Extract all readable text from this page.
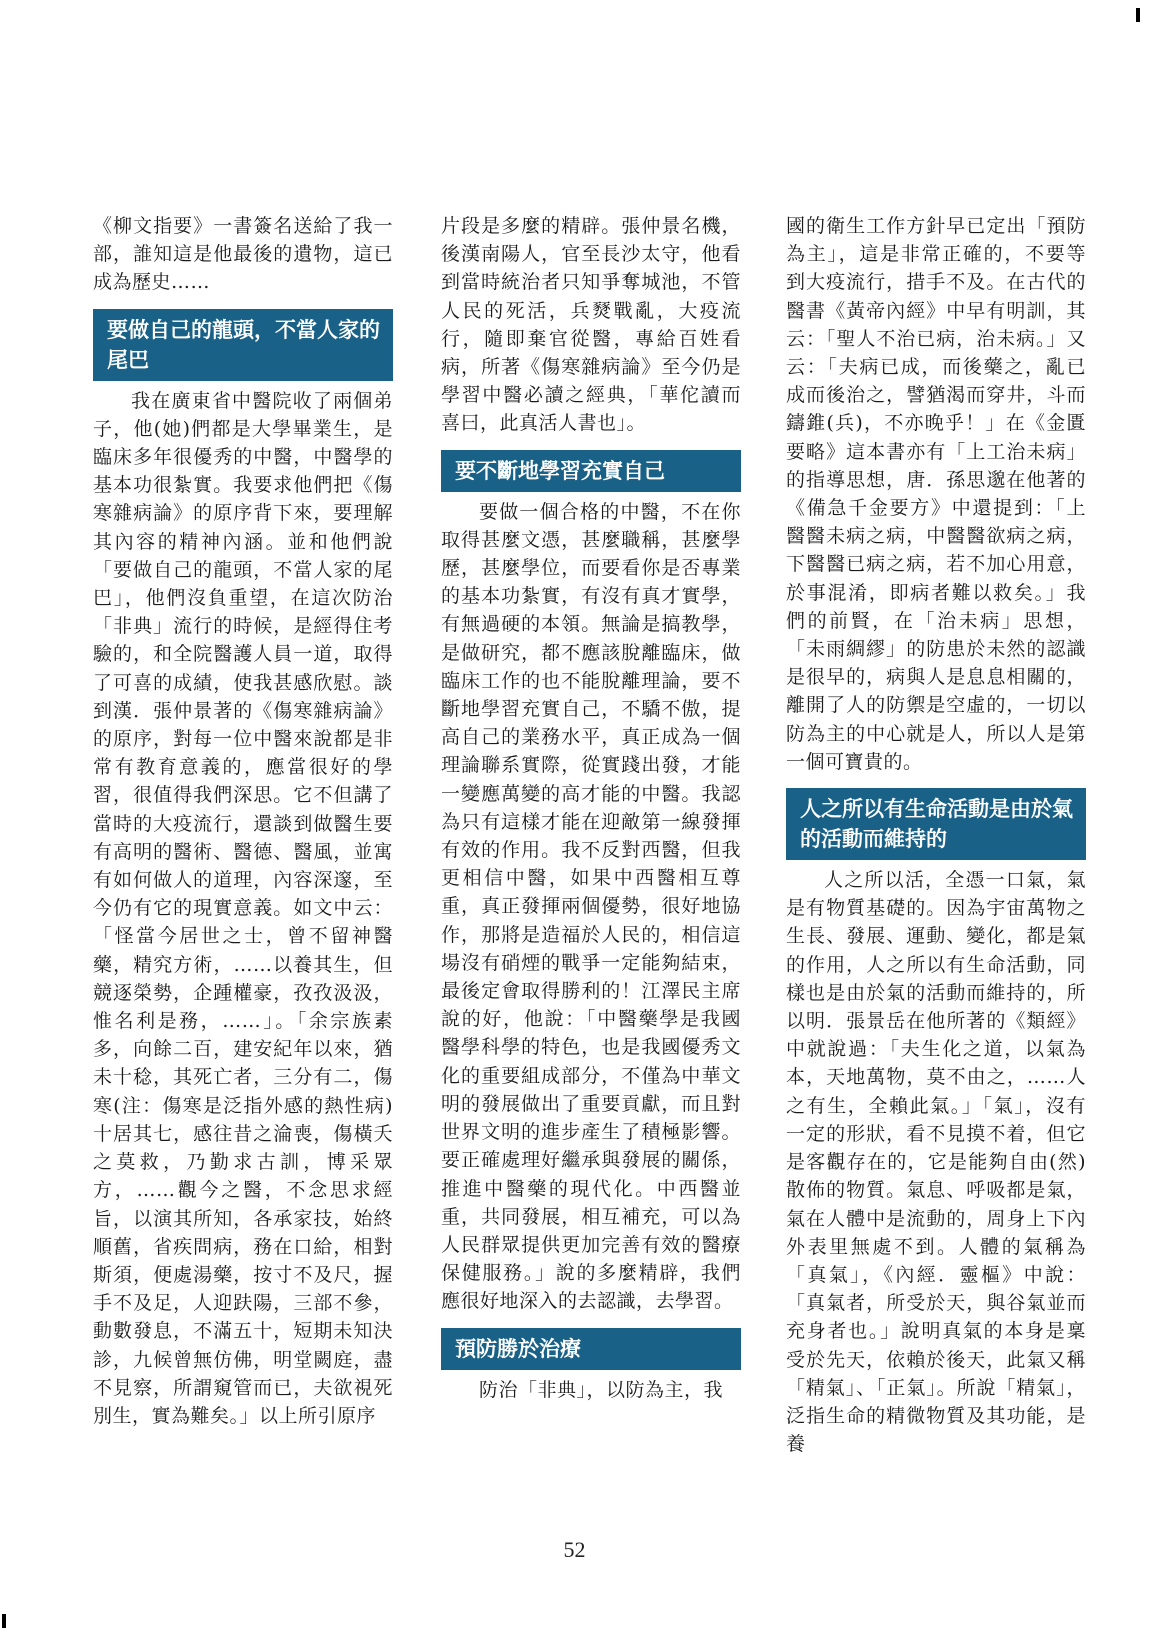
《柳文指要》一書簽名送給了我一部，誰知這是他最後的遺物，這已成為歷史……

要做自己的龍頭，不當人家的尾巴

我在廣東省中醫院收了兩個弟子，他(她)們都是大學畢業生，是臨床多年很優秀的中醫，中醫學的基本功很紮實。我要求他們把《傷寒雜病論》的原序背下來，要理解其內容的精神內涵。並和他們說「要做自己的龍頭，不當人家的尾巴」，他們沒負重望，在這次防治「非典」流行的時候，是經得住考驗的，和全院醫護人員一道，取得了可喜的成績，使我甚感欣慰。談到漢．張仲景著的《傷寒雜病論》的原序，對每一位中醫來說都是非常有教育意義的，應當很好的學習，很值得我們深思。它不但講了當時的大疫流行，還談到做醫生要有高明的醫術、醫德、醫風，並寓有如何做人的道理，內容深邃，至今仍有它的現實意義。如文中云：「怪當今居世之士，曾不留神醫藥，精究方術，……以養其生，但競逐榮勢，企踵權豪，孜孜汲汲，惟名利是務，……」。「余宗族素多，向餘二百，建安紀年以來，猶未十稔，其死亡者，三分有二，傷寒(注：傷寒是泛指外感的熱性病)十居其七，感往昔之淪喪，傷橫夭之莫救，乃勤求古訓，博采眾方，……觀今之醫，不念思求經旨，以演其所知，各承家技，始終順舊，省疾問病，務在口給，相對斯須，便處湯藥，按寸不及尺，握手不及足，人迎趺陽，三部不參，動數發息，不滿五十，短期未知決診，九候曾無仿佛，明堂闕庭，盡不見察，所謂窺管而已，夫欲視死別生，實為難矣。」以上所引原序

片段是多麼的精辟。張仲景名機，後漢南陽人，官至長沙太守，他看到當時統治者只知爭奪城池，不管人民的死活，兵燹戰亂，大疫流行，隨即棄官從醫，專給百姓看病，所著《傷寒雜病論》至今仍是學習中醫必讀之經典，「華佗讀而喜曰，此真活人書也」。

要不斷地學習充實自己

要做一個合格的中醫，不在你取得甚麼文憑，甚麼職稱，甚麼學歷，甚麼學位，而要看你是否專業的基本功紮實，有沒有真才實學，有無過硬的本領。無論是搞教學，是做研究，都不應該脫離臨床，做臨床工作的也不能脫離理論，要不斷地學習充實自己，不驕不傲，提高自己的業務水平，真正成為一個理論聯系實際，從實踐出發，才能一變應萬變的高才能的中醫。我認為只有這樣才能在迎敵第一線發揮有效的作用。我不反對西醫，但我更相信中醫，如果中西醫相互尊重，真正發揮兩個優勢，很好地協作，那將是造福於人民的，相信這場沒有硝煙的戰爭一定能夠結束，最後定會取得勝利的！江澤民主席說的好，他說：「中醫藥學是我國醫學科學的特色，也是我國優秀文化的重要組成部分，不僅為中華文明的發展做出了重要貢獻，而且對世界文明的進步產生了積極影響。要正確處理好繼承與發展的關係，推進中醫藥的現代化。中西醫並重，共同發展，相互補充，可以為人民群眾提供更加完善有效的醫療保健服務。」說的多麼精辟，我們應很好地深入的去認識，去學習。

預防勝於治療

防治「非典」，以防為主，我

國的衛生工作方針早已定出「預防為主」，這是非常正確的，不要等到大疫流行，措手不及。在古代的醫書《黃帝內經》中早有明訓，其云：「聖人不治已病，治未病。」又云：「夫病已成，而後藥之，亂已成而後治之，譬猶渴而穿井，斗而鑄錐(兵)，不亦晚乎！」在《金匱要略》這本書亦有「上工治未病」的指導思想，唐．孫思邈在他著的《備急千金要方》中還提到：「上醫醫未病之病，中醫醫欲病之病，下醫醫已病之病，若不加心用意，於事混淆，即病者難以救矣。」我們的前賢，在「治未病」思想，「未雨綢繆」的防患於未然的認識是很早的，病與人是息息相關的，離開了人的防禦是空虛的，一切以防為主的中心就是人，所以人是第一個可寶貴的。

人之所以有生命活動是由於氣的活動而維持的

人之所以活，全憑一口氣，氣是有物質基礎的。因為宇宙萬物之生長、發展、運動、變化，都是氣的作用，人之所以有生命活動，同樣也是由於氣的活動而維持的，所以明．張景岳在他所著的《類經》中就說過：「夫生化之道，以氣為本，天地萬物，莫不由之，……人之有生，全賴此氣。」「氣」，沒有一定的形狀，看不見摸不着，但它是客觀存在的，它是能夠自由(然)散佈的物質。氣息、呼吸都是氣，氣在人體中是流動的，周身上下內外表里無處不到。人體的氣稱為「真氣」，《內經．靈樞》中說：「真氣者，所受於天，與谷氣並而充身者也。」說明真氣的本身是稟受於先天，依賴於後天，此氣又稱「精氣」、「正氣」。所說「精氣」，泛指生命的精微物質及其功能，是養

52
